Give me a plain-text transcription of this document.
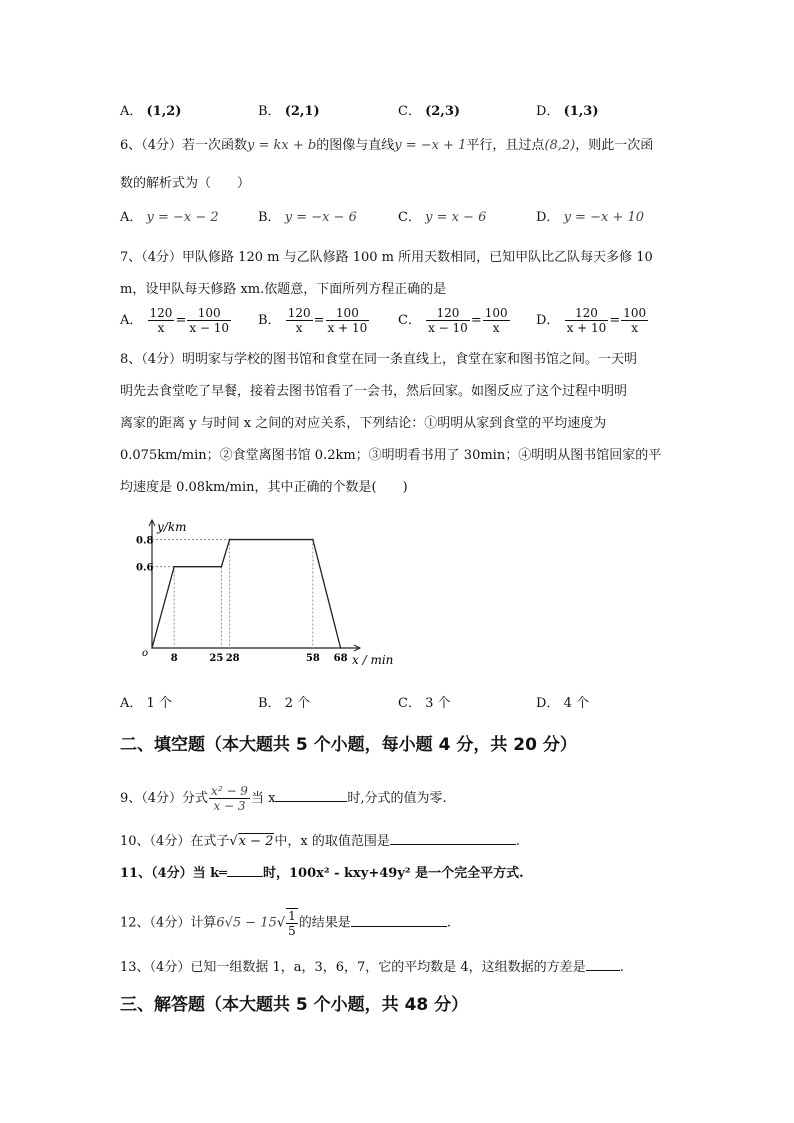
A． (1,2)	B． (2,1)	C． (2,3)	D． (1,3)
6、（4分）若一次函数y = kx + b的图像与直线y = −x + 1平行，且过点(8,2)，则此一次函
数的解析式为（　　）
A． y = −x − 2	B． y = −x − 6	C． y = x − 6	D． y = −x + 10
7、（4分）甲队修路 120 m 与乙队修路 100 m 所用天数相同，已知甲队比乙队每天多修 10
m，设甲队每天修路 xm.依题意，下面所列方程正确的是
A． $\frac{120}{x} = \frac{100}{x - 10}$ B． $\frac{120}{x} = \frac{100}{x + 10}$ C． $\frac{120}{x - 10} = \frac{100}{x}$ D． $\frac{120}{x + 10} = \frac{100}{x}$
8、（4分）明明家与学校的图书馆和食堂在同一条直线上，食堂在家和图书馆之间。一天明
明先去食堂吃了早餐，接着去图书馆看了一会书，然后回家。如图反应了这个过程中明明
离家的距离 y 与时间 x 之间的对应关系，下列结论：①明明从家到食堂的平均速度为
0.075km/min；②食堂离图书馆 0.2km；③明明看书用了 30min；④明明从图书馆回家的平
均速度是 0.08km/min，其中正确的个数是(　　)
0.6
0.8
8	25 28	58 68
o
y/km
x / min
A． 1 个	B． 2 个	C． 3 个	D． 4 个
二、填空题（本大题共 5 个小题，每小题 4 分，共 20 分）
9、（4分）分式 $\frac{\text{x² − 9}}{x - 3}$ 当 x	时,分式的值为零.
10、（4分）在式子√x − 2中，x 的取值范围是	.
11、（4分）当 k═	时，100x² - kxy+49y² 是一个完全平方式.
12、（4分）计算$6√5 - 15√ \frac{1}{5}$ 的结果是	.
13、（4分）已知一组数据 1，a，3，6，7，它的平均数是 4，这组数据的方差是	.
三、解答题（本大题共 5 个小题，共 48 分）
